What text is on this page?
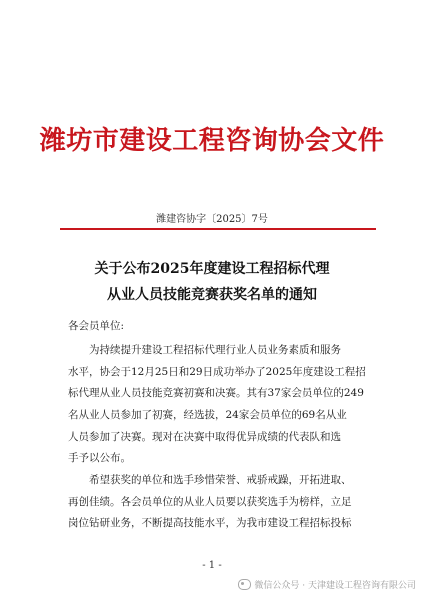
潍坊市建设工程咨询协会文件
潍建咨协字〔2025〕7号
关于公布2025年度建设工程招标代理
从业人员技能竞赛获奖名单的通知
各会员单位:
为持续提升建设工程招标代理行业人员业务素质和服务
水平，协会于12月25日和29日成功举办了2025年度建设工程招
标代理从业人员技能竞赛初赛和决赛。其有37家会员单位的249
名从业人员参加了初赛，经选拔，24家会员单位的69名从业
人员参加了决赛。现对在决赛中取得优异成绩的代表队和选
手予以公布。
希望获奖的单位和选手珍惜荣誉、戒骄戒躁，开拓进取、
再创佳绩。各会员单位的从业人员要以获奖选手为榜样，立足
岗位钻研业务，不断提高技能水平，为我市建设工程招标投标
- 1 -
微信公众号 · 天津建设工程咨询有限公司
